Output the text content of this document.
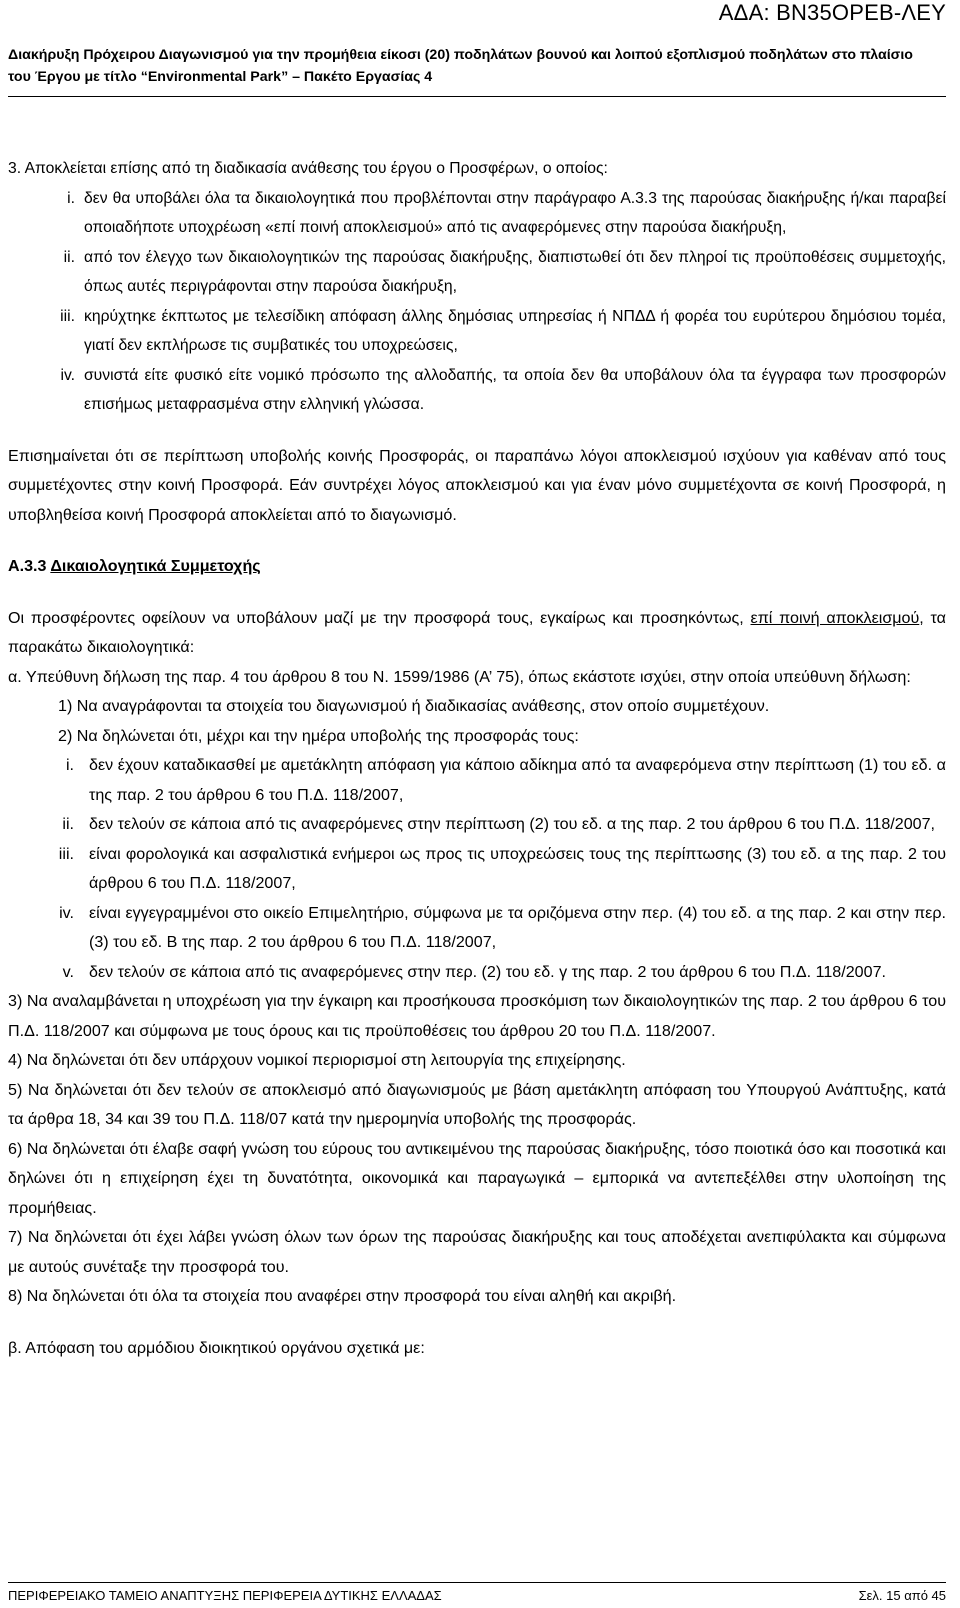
ΑΔΑ: ΒΝ35ΟΡΕΒ-ΛΕΥ
Διακήρυξη Πρόχειρου Διαγωνισμού για την προμήθεια είκοσι (20) ποδηλάτων βουνού και λοιπού εξοπλισμού ποδηλάτων στο πλαίσιο
του Έργου με τίτλο “Environmental Park” – Πακέτο Εργασίας 4
3. Αποκλείεται επίσης από τη διαδικασία ανάθεσης του έργου ο Προσφέρων, ο οποίος:
i. δεν θα υποβάλει όλα τα δικαιολογητικά που προβλέπονται στην παράγραφο Α.3.3 της παρούσας διακήρυξης ή/και παραβεί οποιαδήποτε υποχρέωση «επί ποινή αποκλεισμού» από τις αναφερόμενες στην παρούσα διακήρυξη,
ii. από τον έλεγχο των δικαιολογητικών της παρούσας διακήρυξης, διαπιστωθεί ότι δεν πληροί τις προϋποθέσεις συμμετοχής, όπως αυτές περιγράφονται στην παρούσα διακήρυξη,
iii. κηρύχτηκε έκπτωτος με τελεσίδικη απόφαση άλλης δημόσιας υπηρεσίας ή ΝΠΔΔ ή φορέα του ευρύτερου δημόσιου τομέα, γιατί δεν εκπλήρωσε τις συμβατικές του υποχρεώσεις,
iv. συνιστά είτε φυσικό είτε νομικό πρόσωπο της αλλοδαπής, τα οποία δεν θα υποβάλουν όλα τα έγγραφα των προσφορών επισήμως μεταφρασμένα στην ελληνική γλώσσα.
Επισημαίνεται ότι σε περίπτωση υποβολής κοινής Προσφοράς, οι παραπάνω λόγοι αποκλεισμού ισχύουν για καθέναν από τους συμμετέχοντες στην κοινή Προσφορά. Εάν συντρέχει λόγος αποκλεισμού και για έναν μόνο συμμετέχοντα σε κοινή Προσφορά, η υποβληθείσα κοινή Προσφορά αποκλείεται από το διαγωνισμό.
Α.3.3 Δικαιολογητικά Συμμετοχής
Οι προσφέροντες οφείλουν να υποβάλουν μαζί με την προσφορά τους, εγκαίρως και προσηκόντως, επί ποινή αποκλεισμού, τα παρακάτω δικαιολογητικά:
α. Υπεύθυνη δήλωση της παρ. 4 του άρθρου 8 του Ν. 1599/1986 (Α’ 75), όπως εκάστοτε ισχύει, στην οποία υπεύθυνη δήλωση:
1) Να αναγράφονται τα στοιχεία του διαγωνισμού ή διαδικασίας ανάθεσης, στον οποίο συμμετέχουν.
2) Να δηλώνεται ότι, μέχρι και την ημέρα υποβολής της προσφοράς τους:
i. δεν έχουν καταδικασθεί με αμετάκλητη απόφαση για κάποιο αδίκημα από τα αναφερόμενα στην περίπτωση (1) του εδ. α της παρ. 2 του άρθρου 6 του Π.Δ. 118/2007,
ii. δεν τελούν σε κάποια από τις αναφερόμενες στην περίπτωση (2) του εδ. α της παρ. 2 του άρθρου 6 του Π.Δ. 118/2007,
iii. είναι φορολογικά και ασφαλιστικά ενήμεροι ως προς τις υποχρεώσεις τους της περίπτωσης (3) του εδ. α της παρ. 2 του άρθρου 6 του Π.Δ. 118/2007,
iv. είναι εγγεγραμμένοι στο οικείο Επιμελητήριο, σύμφωνα με τα οριζόμενα στην περ. (4) του εδ. α της παρ. 2 και στην περ. (3) του εδ. Β της παρ. 2 του άρθρου 6 του Π.Δ. 118/2007,
v. δεν τελούν σε κάποια από τις αναφερόμενες στην περ. (2) του εδ. γ της παρ. 2 του άρθρου 6 του Π.Δ. 118/2007.
3) Να αναλαμβάνεται η υποχρέωση για την έγκαιρη και προσήκουσα προσκόμιση των δικαιολογητικών της παρ. 2 του άρθρου 6 του Π.Δ. 118/2007 και σύμφωνα με τους όρους και τις προϋποθέσεις του άρθρου 20 του Π.Δ. 118/2007.
4) Να δηλώνεται ότι δεν υπάρχουν νομικοί περιορισμοί στη λειτουργία της επιχείρησης.
5) Να δηλώνεται ότι δεν τελούν σε αποκλεισμό από διαγωνισμούς με βάση αμετάκλητη απόφαση του Υπουργού Ανάπτυξης, κατά τα άρθρα 18, 34 και 39 του Π.Δ. 118/07 κατά την ημερομηνία υποβολής της προσφοράς.
6) Να δηλώνεται ότι έλαβε σαφή γνώση του εύρους του αντικειμένου της παρούσας διακήρυξης, τόσο ποιοτικά όσο και ποσοτικά και δηλώνει ότι η επιχείρηση έχει τη δυνατότητα, οικονομικά και παραγωγικά – εμπορικά να αντεπεξέλθει στην υλοποίηση της προμήθειας.
7) Να δηλώνεται ότι έχει λάβει γνώση όλων των όρων της παρούσας διακήρυξης και τους αποδέχεται ανεπιφύλακτα και σύμφωνα με αυτούς συνέταξε την προσφορά του.
8) Να δηλώνεται ότι όλα τα στοιχεία που αναφέρει στην προσφορά του είναι αληθή και ακριβή.
β. Απόφαση του αρμόδιου διοικητικού οργάνου σχετικά με:
ΠΕΡΙΦΕΡΕΙΑΚΟ ΤΑΜΕΙΟ ΑΝΑΠΤΥΞΗΣ ΠΕΡΙΦΕΡΕΙΑ ΔΥΤΙΚΗΣ ΕΛΛΑΔΑΣ	Σελ. 15 από 45
